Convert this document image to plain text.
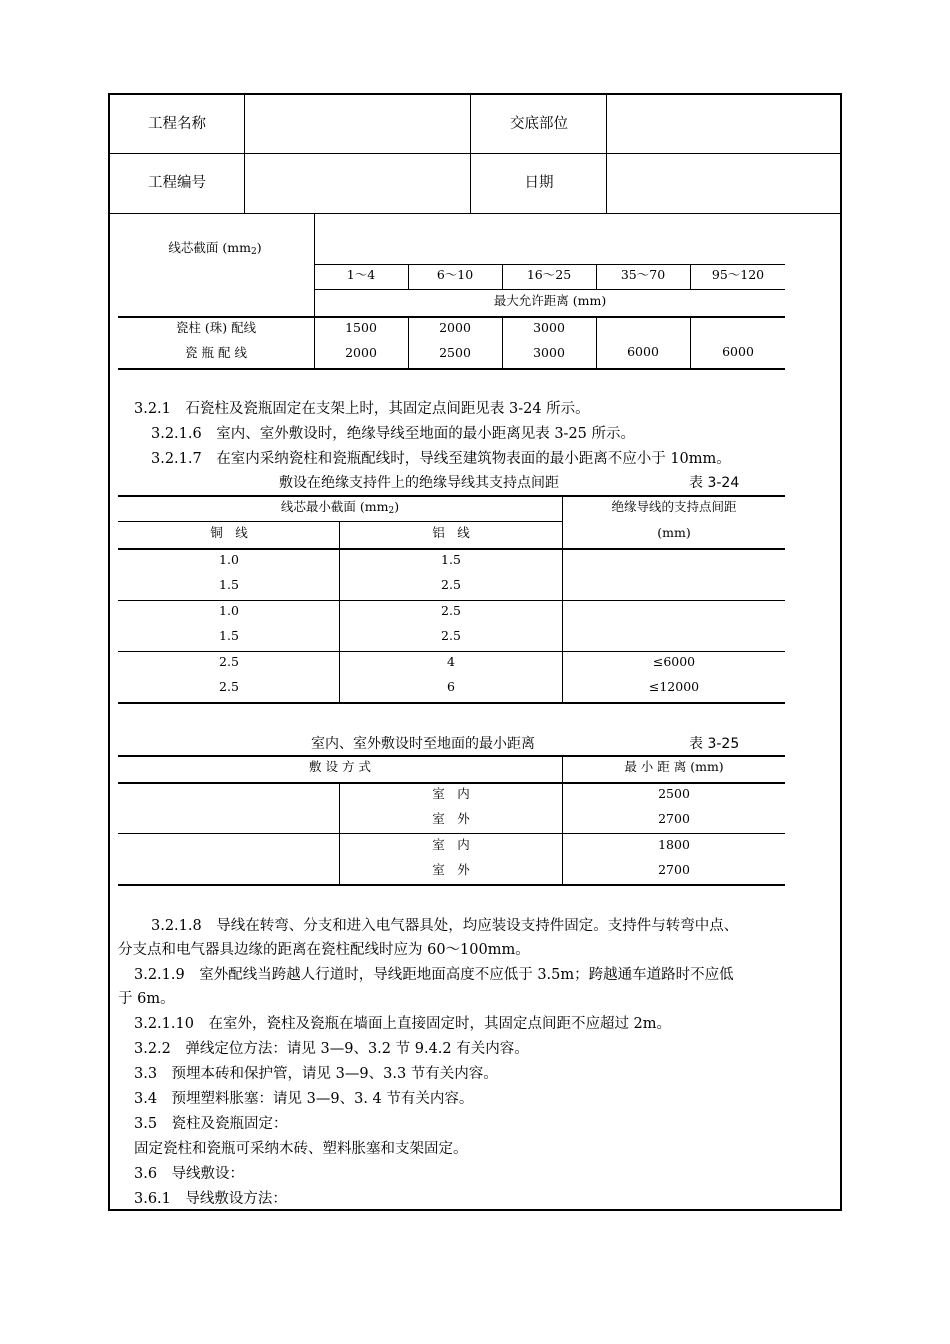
工程名称	交底部位
工程编号	日期
线芯截面 $(mm_2)$
1～4	6～10	16～25	35～70	95～120
最大允许距离 (mm)
瓷柱 (珠) 配线	1500	2000	3000
瓷 瓶 配 线	2000	2500	3000	6000	6000
3.2.1　石瓷柱及瓷瓶固定在支架上时，其固定点间距见表 3-24 所示。
3.2.1.6　室内、室外敷设时，绝缘导线至地面的最小距离见表 3-25 所示。
3.2.1.7　在室内采纳瓷柱和瓷瓶配线时，导线至建筑物表面的最小距离不应小于 10mm。
敷设在绝缘支持件上的绝缘导线其支持点间距	表 3-24
线芯最小截面 $(mm_2)$
铜　线	铝　线
绝缘导线的支持点间距
(mm)
1.0	1.5
1.5	2.5
1.0	2.5
1.5	2.5
2.5	4	≤6000
2.5	6	≤12000
室内、室外敷设时至地面的最小距离	表 3-25
敷 设 方 式	最 小 距 离 (mm)
室　内	2500
室　外	2700
室　内	1800
室　外	2700
3.2.1.8　导线在转弯、分支和进入电气器具处，均应装设支持件固定。支持件与转弯中点、
分支点和电气器具边缘的距离在瓷柱配线时应为 60～100mm。
3.2.1.9　室外配线当跨越人行道时，导线距地面高度不应低于 3.5m；跨越通车道路时不应低
于 6m。
3.2.1.10　在室外，瓷柱及瓷瓶在墙面上直接固定时，其固定点间距不应超过 2m。
3.2.2　弹线定位方法：请见 3—9、3.2 节 9.4.2 有关内容。
3.3　预埋本砖和保护管，请见 3—9、3.3 节有关内容。
3.4　预埋塑料胀塞：请见 3—9、3. 4 节有关内容。
3.5　瓷柱及瓷瓶固定：
固定瓷柱和瓷瓶可采纳木砖、塑料胀塞和支架固定。
3.6　导线敷设：
3.6.1　导线敷设方法：
